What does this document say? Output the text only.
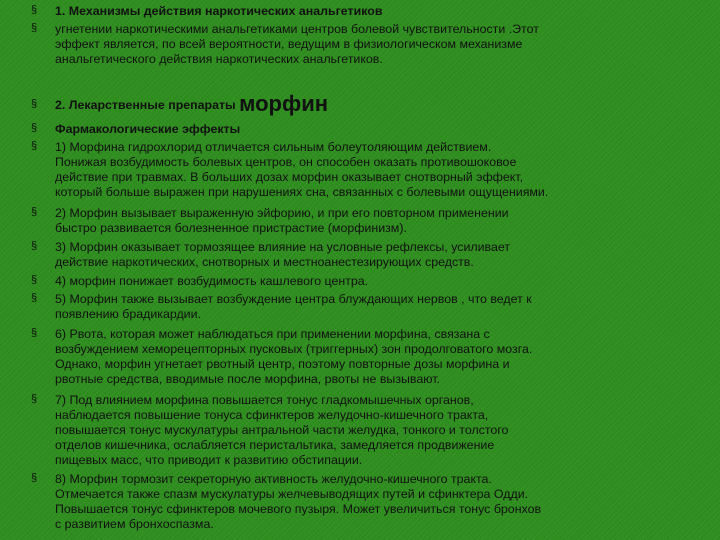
§	1. Механизмы действия наркотических анальгетиков
§	угнетении наркотическими анальгетиками центров болевой чувствительности .Этот
эффект является, по всей вероятности, ведущим в физиологическом механизме
анальгетического действия наркотических анальгетиков.
§	2. Лекарственные препараты морфин
§	Фармакологические эффекты
§	1) Морфина гидрохлорид отличается сильным болеутоляющим действием.
Понижая возбудимость болевых центров, он способен оказать противошоковое
действие при травмах. В больших дозах морфин оказывает снотворный эффект,
который больше выражен при нарушениях сна, связанных с болевыми ощущениями.
§	2) Морфин вызывает выраженную эйфорию, и при его повторном применении
быстро развивается болезненное пристрастие (морфинизм).
§	3) Морфин оказывает тормозящее влияние на условные рефлексы, усиливает
действие наркотических, снотворных и местноанестезирующих средств.
§	4) морфин понижает возбудимость кашлевого центра.
§	5) Морфин также вызывает возбуждение центра блуждающих нервов , что ведет к
появлению брадикардии.
§	6) Рвота, которая может наблюдаться при применении морфина, связана с
возбуждением хеморецепторных пусковых (триггерных) зон продолговатого мозга.
Однако, морфин угнетает рвотный центр, поэтому повторные дозы морфина и
рвотные средства, вводимые после морфина, рвоты не вызывают.
§	7) Под влиянием морфина повышается тонус гладкомышечных органов,
наблюдается повышение тонуса сфинктеров желудочно-кишечного тракта,
повышается тонус мускулатуры антральной части желудка, тонкого и толстого
отделов кишечника, ослабляется перистальтика, замедляется продвижение
пищевых масс, что приводит к развитию обстипации.
§	8) Морфин тормозит секреторную активность желудочно-кишечного тракта.
Отмечается также спазм мускулатуры желчевыводящих путей и сфинктера Одди.
Повышается тонус сфинктеров мочевого пузыря. Может увеличиться тонус бронхов
с развитием бронхоспазма.
